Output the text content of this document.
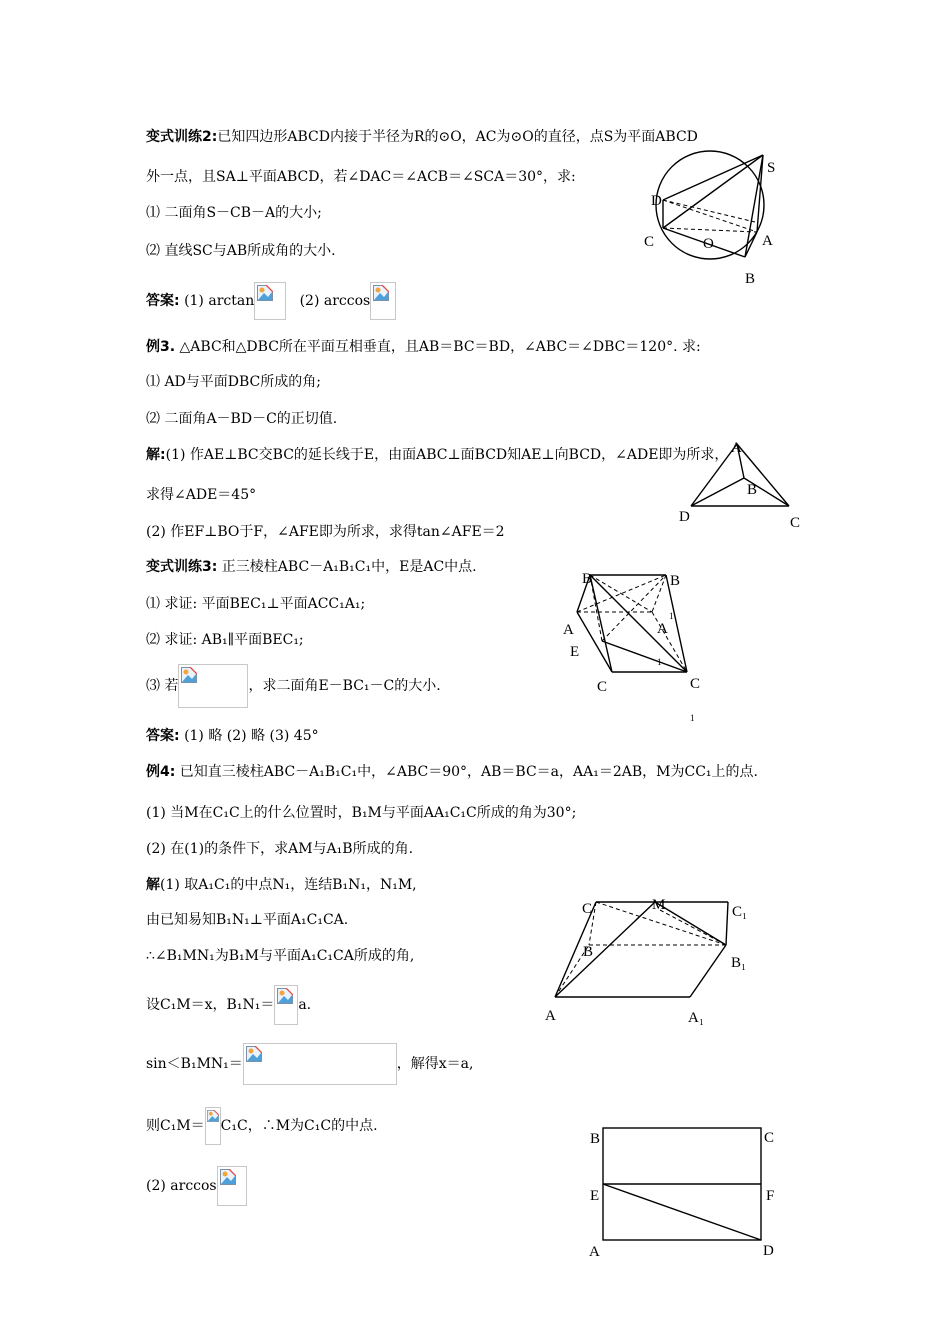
变式训练2:已知四边形ABCD内接于半径为R的⊙O，AC为⊙O的直径，点S为平面ABCD
外一点，且SA⊥平面ABCD，若∠DAC＝∠ACB＝∠SCA＝30°，求:
⑴ 二面角S－CB－A的大小;
⑵ 直线SC与AB所成角的大小.
答案: (1) arctan	(2) arccos
例3. △ABC和△DBC所在平面互相垂直，且AB＝BC＝BD，∠ABC＝∠DBC＝120°. 求:
⑴ AD与平面DBC所成的角;
⑵ 二面角A－BD－C的正切值.
解:(1) 作AE⊥BC交BC的延长线于E，由面ABC⊥面BCD知AE⊥向BCD，∠ADE即为所求，
求得∠ADE＝45°
(2) 作EF⊥BO于F，∠AFE即为所求，求得tan∠AFE＝2
变式训练3: 正三棱柱ABC－A₁B₁C₁中，E是AC中点.
⑴ 求证: 平面BEC₁⊥平面ACC₁A₁;
⑵ 求证: AB₁∥平面BEC₁;
⑶ 若	，求二面角E－BC₁－C的大小.
答案: (1) 略 (2) 略 (3) 45°
例4: 已知直三棱柱ABC－A₁B₁C₁中，∠ABC＝90°，AB＝BC＝a，AA₁＝2AB，M为CC₁上的点.
(1) 当M在C₁C上的什么位置时，B₁M与平面AA₁C₁C所成的角为30°;
(2) 在(1)的条件下，求AM与A₁B所成的角.
解(1) 取A₁C₁的中点N₁，连结B₁N₁，N₁M,
由已知易知B₁N₁⊥平面A₁C₁CA.
∴∠B₁MN₁为B₁M与平面A₁C₁CA所成的角,
设C₁M＝x，B₁N₁＝ a.
sin＜B₁MN₁＝	，解得x＝a,
则C₁M＝ C₁C，∴M为C₁C的中点.
(2) arccos
S
D
C	O	A
B
A
B
D	C
B	B
A	A
E
C	C
1
1
1
C	M	C₁
B
B₁
A	A₁
B	C
E	F
A	D
